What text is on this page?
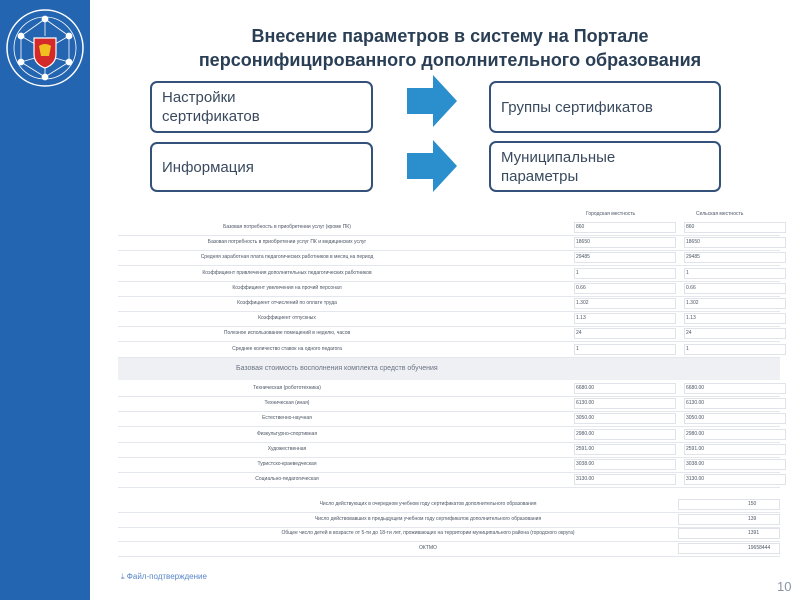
Внесение параметров в систему на Портале
персонифицированного дополнительного образования
Настройки сертификатов
Группы сертификатов
Информация
Муниципальные параметры
Городская местность	Сельская местность
Базовая потребность в приобретении услуг (кроме ПК)	860	860
Базовая потребность в приобретении услуг ПК и медицинских услуг	18650	18650
Средняя заработная плата педагогических работников в месяц на период	29485	29485
Коэффициент привлечения дополнительных педагогических работников	1	1
Коэффициент увеличения на прочий персонал	0.66	0.66
Коэффициент отчислений по оплате труда	1.302	1.302
Коэффициент отпускных	1.13	1.13
Полезное использование помещений в неделю, часов	24	24
Среднее количество ставок на одного педагога	1	1
Базовая стоимость восполнения комплекта средств обучения
Техническая (робототехника)	6680.00	6680.00
Техническая (иная)	6130.00	6130.00
Естественно-научная	3050.00	3050.00
Физкультурно-спортивная	2980.00	2980.00
Художественная	2591.00	2591.00
Туристско-краеведческая	3038.00	3038.00
Социально-педагогическая	3130.00	3130.00
Число действующих в очередном учебном году сертификатов дополнительного образования	150
Число действовавших в предыдущем учебном году сертификатов дополнительного образования	139
Общее число детей в возрасте от 5-ти до 18-ти лет, проживающих на территории муниципального района (городского округа)	1391
ОКТМО	19658444
⤓ Файл-подтверждение
10
